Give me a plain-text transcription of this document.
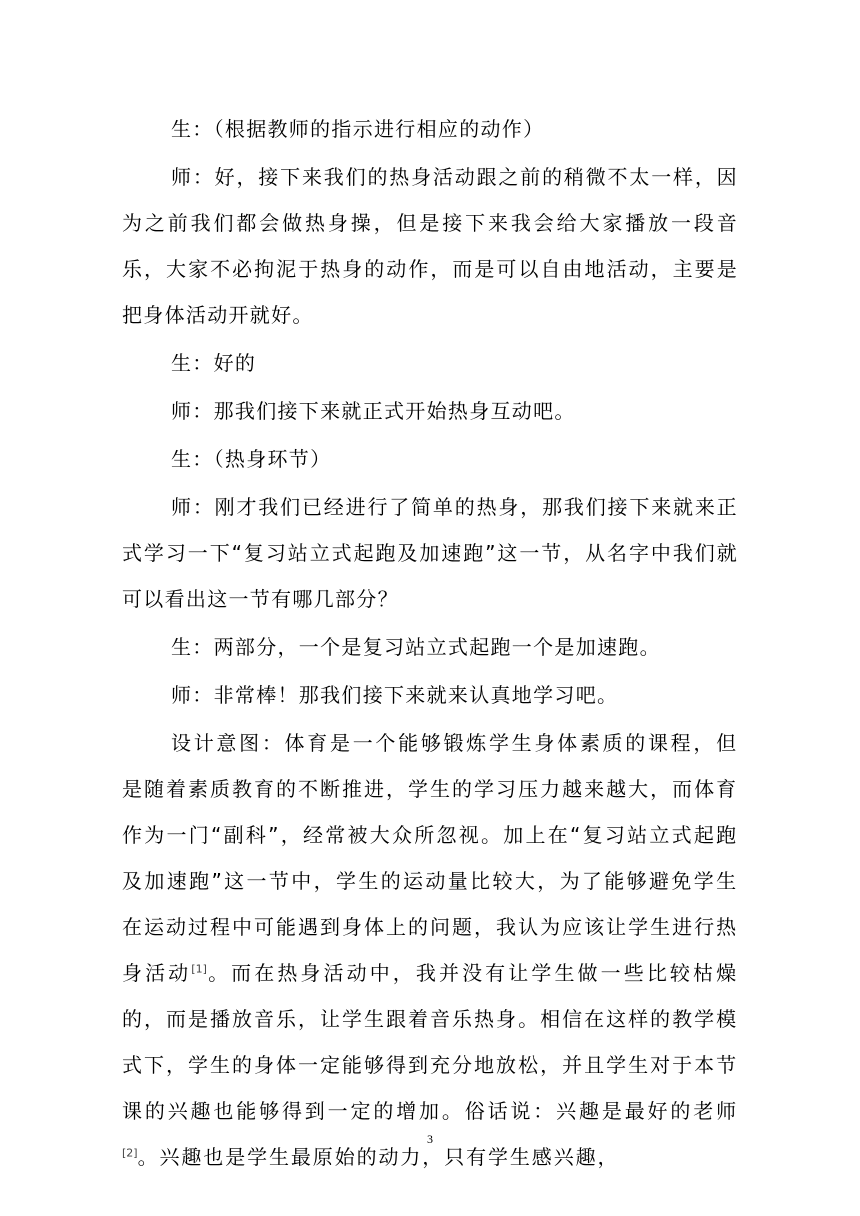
生：（根据教师的指示进行相应的动作）

师：好，接下来我们的热身活动跟之前的稍微不太一样，因为之前我们都会做热身操，但是接下来我会给大家播放一段音乐，大家不必拘泥于热身的动作，而是可以自由地活动，主要是把身体活动开就好。

生：好的

师：那我们接下来就正式开始热身互动吧。

生：（热身环节）

师：刚才我们已经进行了简单的热身，那我们接下来就来正式学习一下“复习站立式起跑及加速跑”这一节，从名字中我们就可以看出这一节有哪几部分？

生：两部分，一个是复习站立式起跑一个是加速跑。

师：非常棒！那我们接下来就来认真地学习吧。

设计意图：体育是一个能够锻炼学生身体素质的课程，但是随着素质教育的不断推进，学生的学习压力越来越大，而体育作为一门“副科”，经常被大众所忽视。加上在“复习站立式起跑及加速跑”这一节中，学生的运动量比较大，为了能够避免学生在运动过程中可能遇到身体上的问题，我认为应该让学生进行热身活动[1]。而在热身活动中，我并没有让学生做一些比较枯燥的，而是播放音乐，让学生跟着音乐热身。相信在这样的教学模式下，学生的身体一定能够得到充分地放松，并且学生对于本节课的兴趣也能够得到一定的增加。俗话说：兴趣是最好的老师[2]。兴趣也是学生最原始的动力，只有学生感兴趣，

3
